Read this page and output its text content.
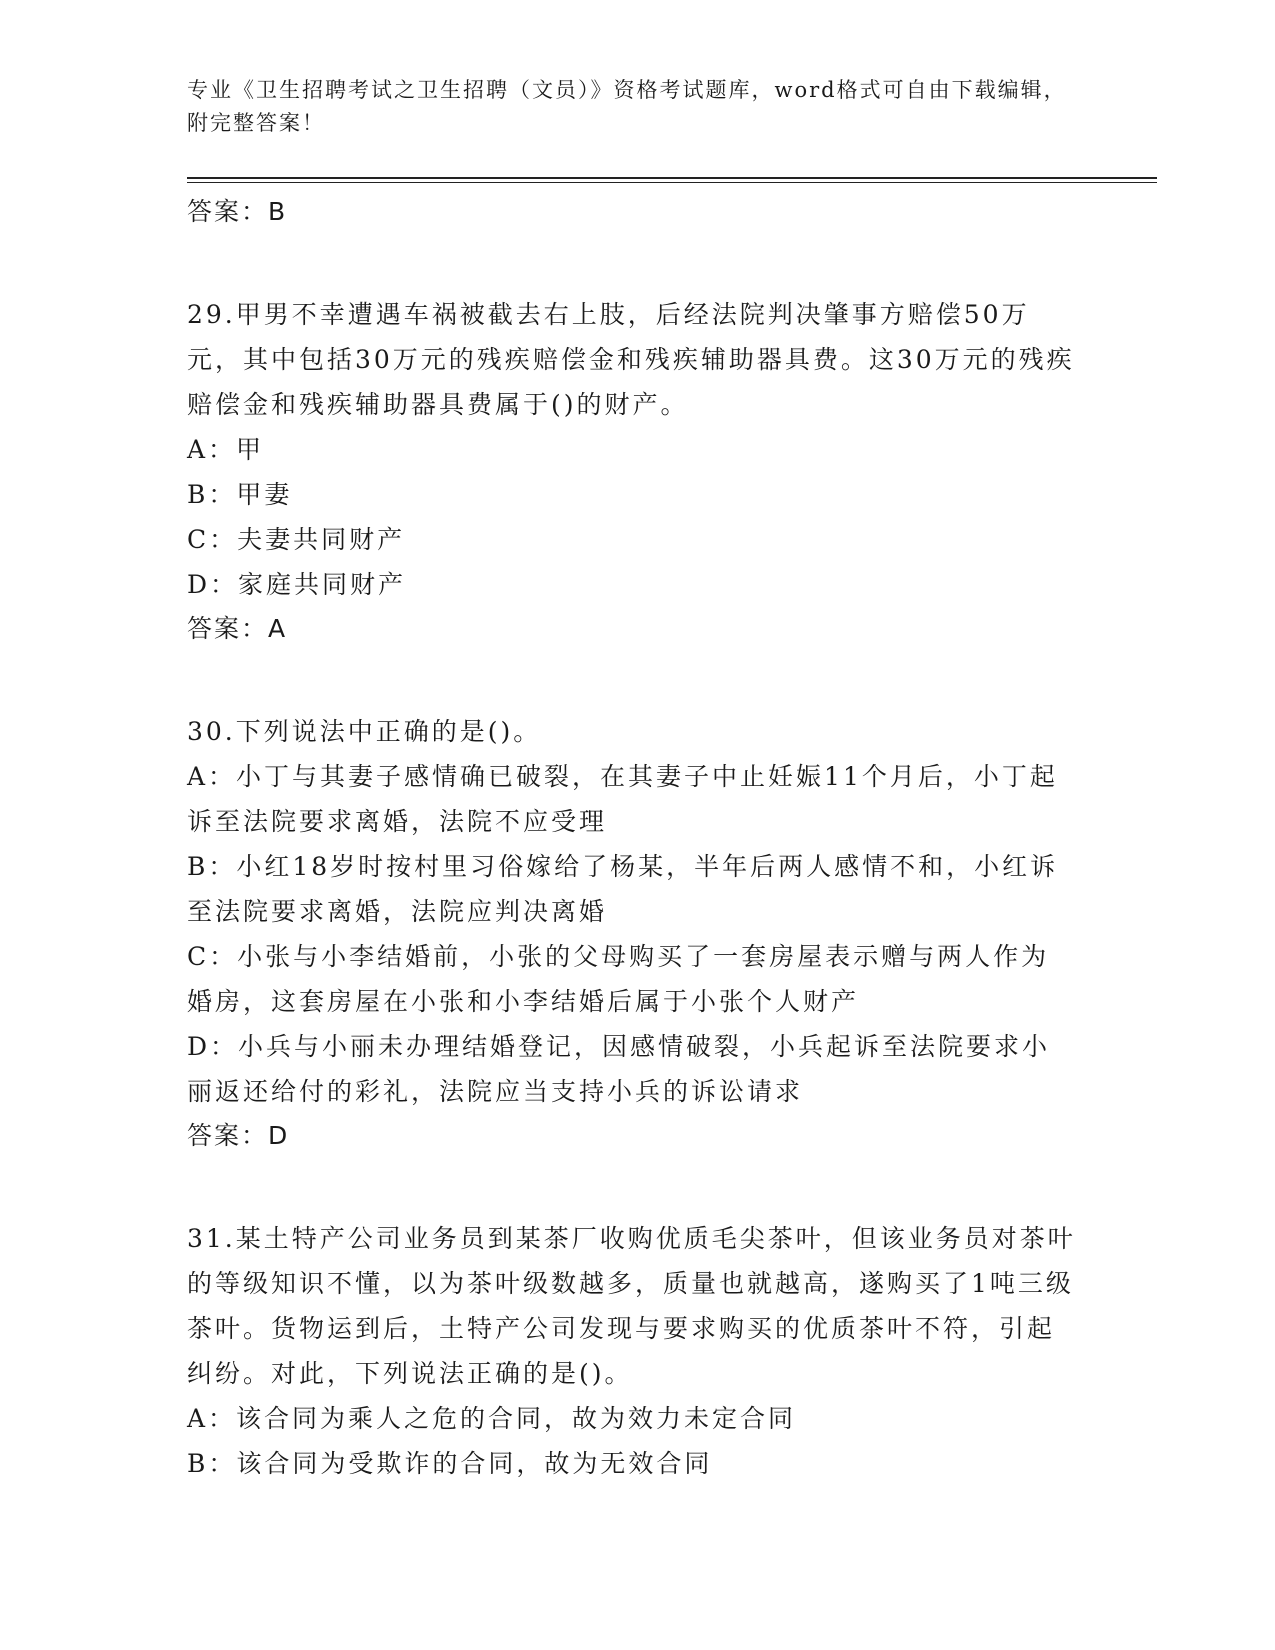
专业《卫生招聘考试之卫生招聘（文员）》资格考试题库，word格式可自由下载编辑，附完整答案！

答案：B

29.甲男不幸遭遇车祸被截去右上肢，后经法院判决肇事方赔偿50万元，其中包括30万元的残疾赔偿金和残疾辅助器具费。这30万元的残疾赔偿金和残疾辅助器具费属于()的财产。

A：甲

B：甲妻

C：夫妻共同财产

D：家庭共同财产

答案：A

30.下列说法中正确的是()。

A：小丁与其妻子感情确已破裂，在其妻子中止妊娠11个月后，小丁起诉至法院要求离婚，法院不应受理

B：小红18岁时按村里习俗嫁给了杨某，半年后两人感情不和，小红诉至法院要求离婚，法院应判决离婚

C：小张与小李结婚前，小张的父母购买了一套房屋表示赠与两人作为婚房，这套房屋在小张和小李结婚后属于小张个人财产

D：小兵与小丽未办理结婚登记，因感情破裂，小兵起诉至法院要求小丽返还给付的彩礼，法院应当支持小兵的诉讼请求

答案：D

31.某土特产公司业务员到某茶厂收购优质毛尖茶叶，但该业务员对茶叶的等级知识不懂，以为茶叶级数越多，质量也就越高，遂购买了1吨三级茶叶。货物运到后，土特产公司发现与要求购买的优质茶叶不符，引起纠纷。对此，下列说法正确的是()。

A：该合同为乘人之危的合同，故为效力未定合同

B：该合同为受欺诈的合同，故为无效合同
